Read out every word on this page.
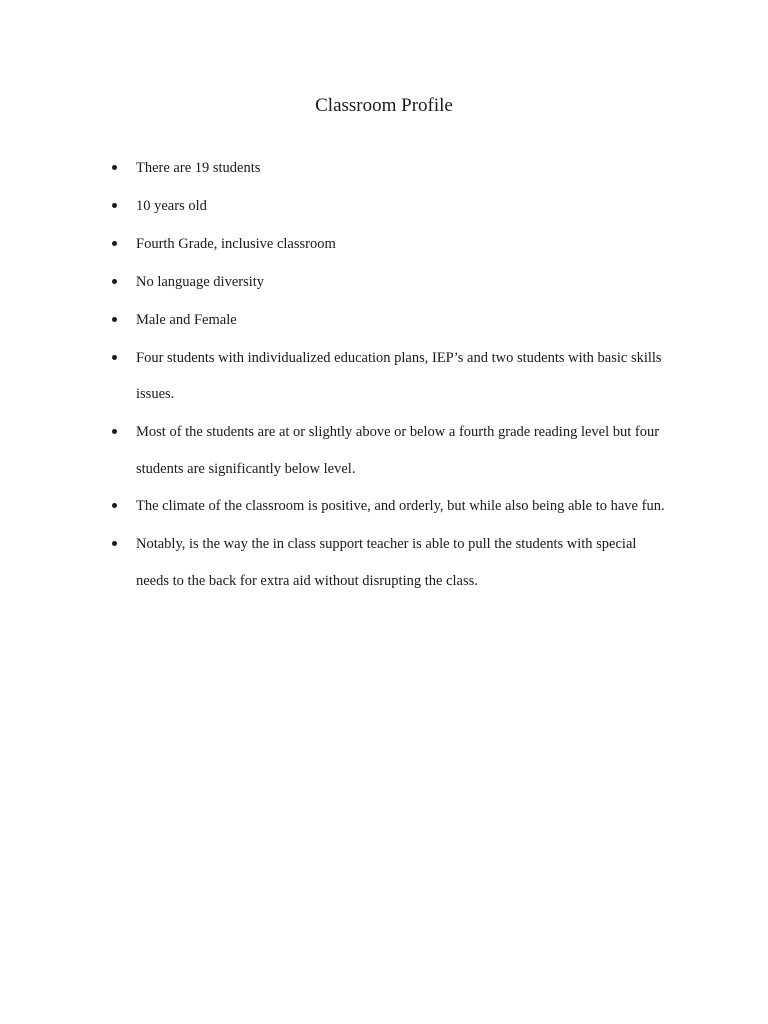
Classroom Profile
There are 19 students
10 years old
Fourth Grade, inclusive classroom
No language diversity
Male and Female
Four students with individualized education plans, IEP’s and two students with basic skills issues.
Most of the students are at or slightly above or below a fourth grade reading level but four students are significantly below level.
The climate of the classroom is positive, and orderly, but while also being able to have fun.
Notably, is the way the in class support teacher is able to pull the students with special needs to the back for extra aid without disrupting the class.
